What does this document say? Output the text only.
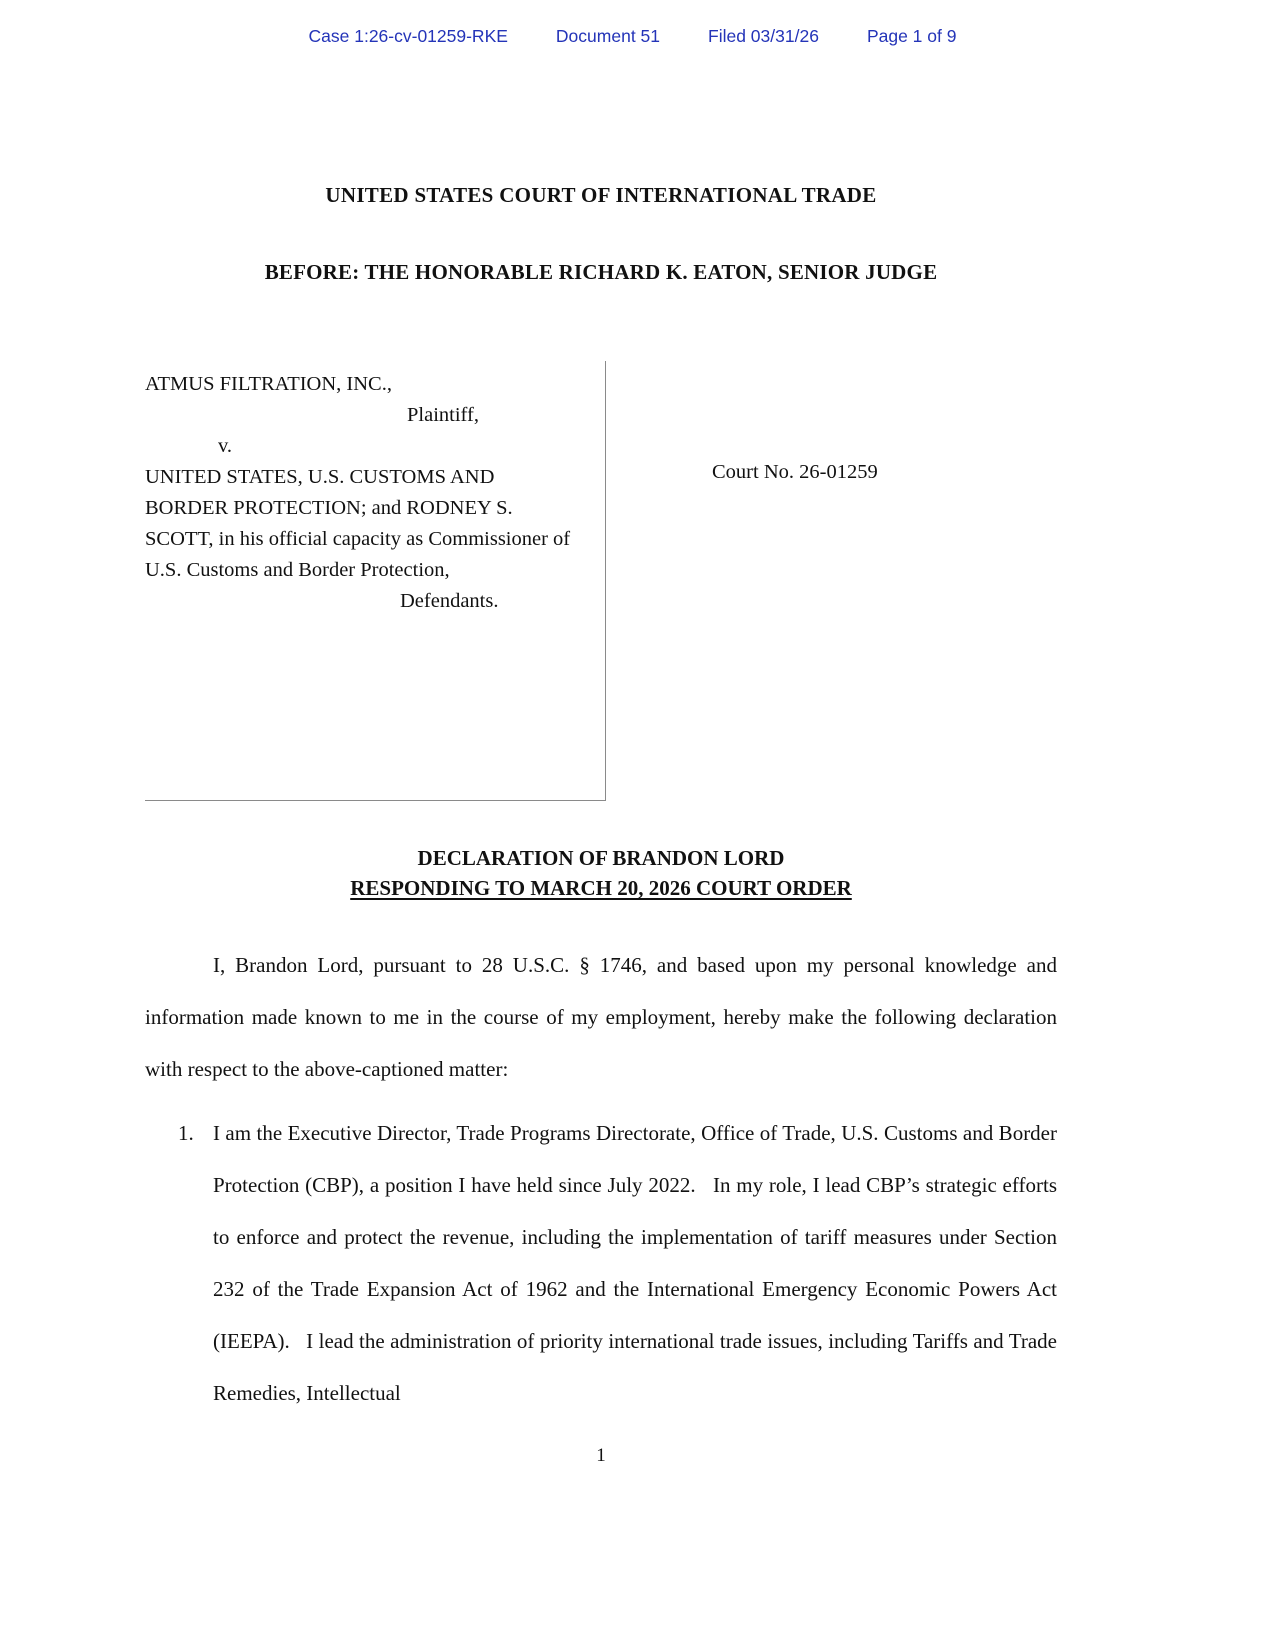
Case 1:26-cv-01259-RKE	Document 51	Filed 03/31/26	Page 1 of 9
UNITED STATES COURT OF INTERNATIONAL TRADE
BEFORE: THE HONORABLE RICHARD K. EATON, SENIOR JUDGE

ATMUS FILTRATION, INC.,

Plaintiff,

v.

UNITED STATES, U.S. CUSTOMS AND BORDER PROTECTION; and RODNEY S. SCOTT, in his official capacity as Commissioner of U.S. Customs and Border Protection,

Defendants.

Court No. 26-01259

DECLARATION OF BRANDON LORD
RESPONDING TO MARCH 20, 2026 COURT ORDER

I, Brandon Lord, pursuant to 28 U.S.C. § 1746, and based upon my personal knowledge and information made known to me in the course of my employment, hereby make the following declaration with respect to the above-captioned matter:

1. I am the Executive Director, Trade Programs Directorate, Office of Trade, U.S. Customs and Border Protection (CBP), a position I have held since July 2022.   In my role, I lead CBP’s strategic efforts to enforce and protect the revenue, including the implementation of tariff measures under Section 232 of the Trade Expansion Act of 1962 and the International Emergency Economic Powers Act (IEEPA).   I lead the administration of priority international trade issues, including Tariffs and Trade Remedies, Intellectual

1
